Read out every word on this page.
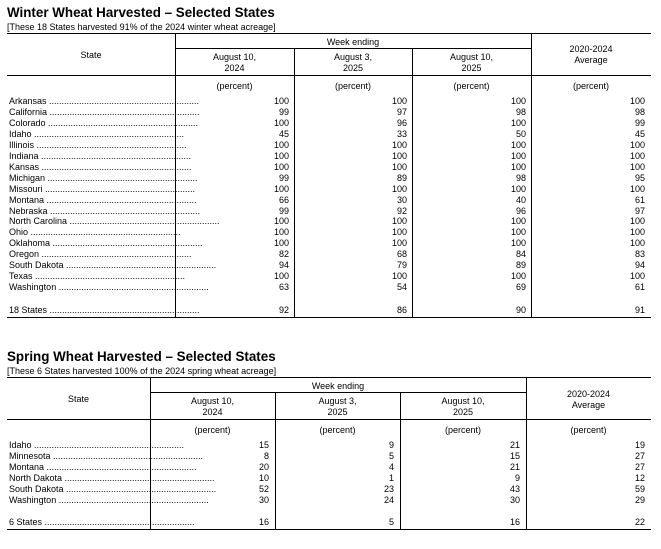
Winter Wheat Harvested – Selected States
[These 18 States harvested 91% of the 2024 winter wheat acreage]
State
Week ending
August 10,
2024
August 3,
2025
August 10,
2025
2020-2024
Average
(percent)	(percent)	(percent)	(percent)
Arkansas ............................................................	100	100	100	100
California ............................................................	99	97	98	98
Colorado ............................................................	100	96	100	99
Idaho ............................................................	45	33	50	45
Illinois ............................................................	100	100	100	100
Indiana ............................................................	100	100	100	100
Kansas ............................................................	100	100	100	100
Michigan ............................................................	99	89	98	95
Missouri ............................................................	100	100	100	100
Montana ............................................................	66	30	40	61
Nebraska ............................................................	99	92	96	97
North Carolina ............................................................	100	100	100	100
Ohio ............................................................	100	100	100	100
Oklahoma ............................................................	100	100	100	100
Oregon ............................................................	82	68	84	83
South Dakota ............................................................	94	79	89	94
Texas ............................................................	100	100	100	100
Washington ............................................................	63	54	69	61
18 States ............................................................	92	86	90	91
Spring Wheat Harvested – Selected States
[These 6 States harvested 100% of the 2024 spring wheat acreage]
State
Week ending
August 10,
2024
August 3,
2025
August 10,
2025
2020-2024
Average
(percent)	(percent)	(percent)	(percent)
Idaho ............................................................	15	9	21	19
Minnesota ............................................................	8	5	15	27
Montana ............................................................	20	4	21	27
North Dakota ............................................................	10	1	9	12
South Dakota ............................................................	52	23	43	59
Washington ............................................................	30	24	30	29
6 States ............................................................	16	5	16	22
